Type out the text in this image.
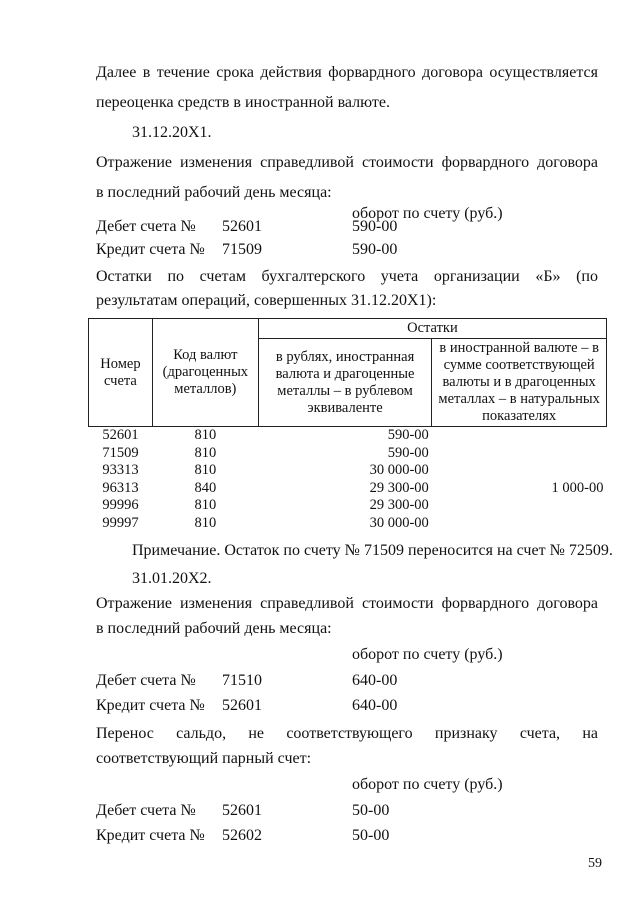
Далее в течение срока действия форвардного договора осуществляется
переоценка средств в иностранной валюте.
31.12.20Х1.
Отражение изменения справедливой стоимости форвардного договора
в последний рабочий день месяца:
оборот по счету (руб.)
Дебет счета № 52601	590-00
Кредит счета № 71509	590-00
Остатки по счетам бухгалтерского учета организации «Б» (по
результатам операций, совершенных 31.12.20Х1):
Номер счета	Код валют (драгоценных металлов)	Остатки	
		в рублях, иностранная валюта и драгоценные металлы – в рублевом эквиваленте	в иностранной валюте – в сумме соответствующей валюты и в драгоценных металлах – в натуральных показателях
52601	810	590-00	
71509	810	590-00	
93313	810	30 000-00	
96313	840	29 300-00	1 000-00
99996	810	29 300-00	
99997	810	30 000-00	
Примечание. Остаток по счету № 71509 переносится на счет № 72509.
31.01.20Х2.
Отражение изменения справедливой стоимости форвардного договора
в последний рабочий день месяца:
оборот по счету (руб.)
Дебет счета № 71510	640-00
Кредит счета № 52601	640-00
Перенос сальдо, не соответствующего признаку счета, на
соответствующий парный счет:
оборот по счету (руб.)
Дебет счета № 52601	50-00
Кредит счета № 52602	50-00
59
